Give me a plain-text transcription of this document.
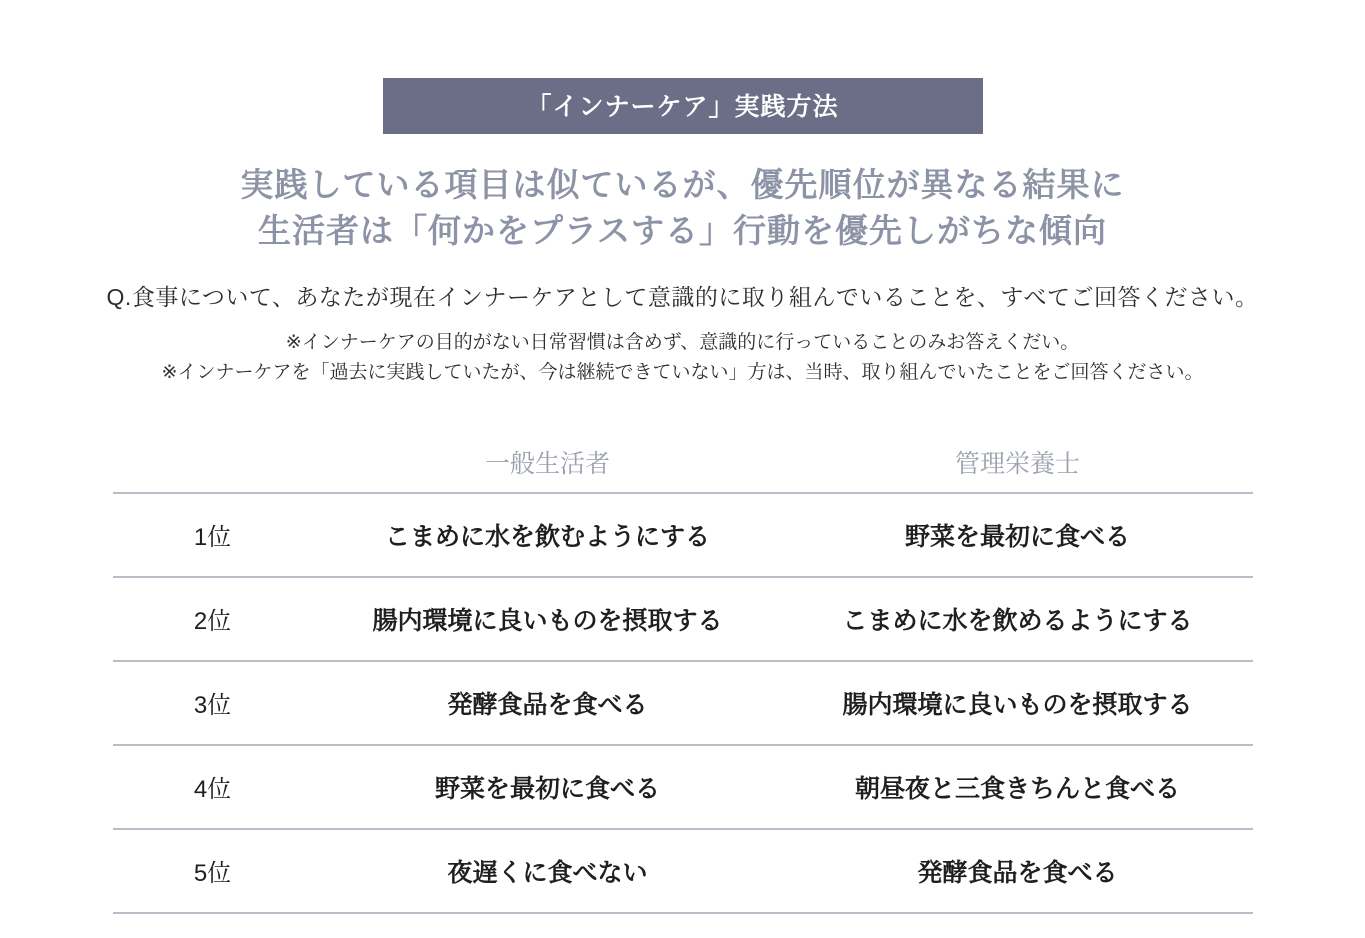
「インナーケア」実践方法
実践している項目は似ているが、優先順位が異なる結果に
生活者は「何かをプラスする」行動を優先しがちな傾向
Q.食事について、あなたが現在インナーケアとして意識的に取り組んでいることを、すべてご回答ください。
※インナーケアの目的がない日常習慣は含めず、意識的に行っていることのみお答えくだい。
※インナーケアを「過去に実践していたが、今は継続できていない」方は、当時、取り組んでいたことをご回答ください。
	一般生活者	管理栄養士
1位	こまめに水を飲むようにする	野菜を最初に食べる
2位	腸内環境に良いものを摂取する	こまめに水を飲めるようにする
3位	発酵食品を食べる	腸内環境に良いものを摂取する
4位	野菜を最初に食べる	朝昼夜と三食きちんと食べる
5位	夜遅くに食べない	発酵食品を食べる
